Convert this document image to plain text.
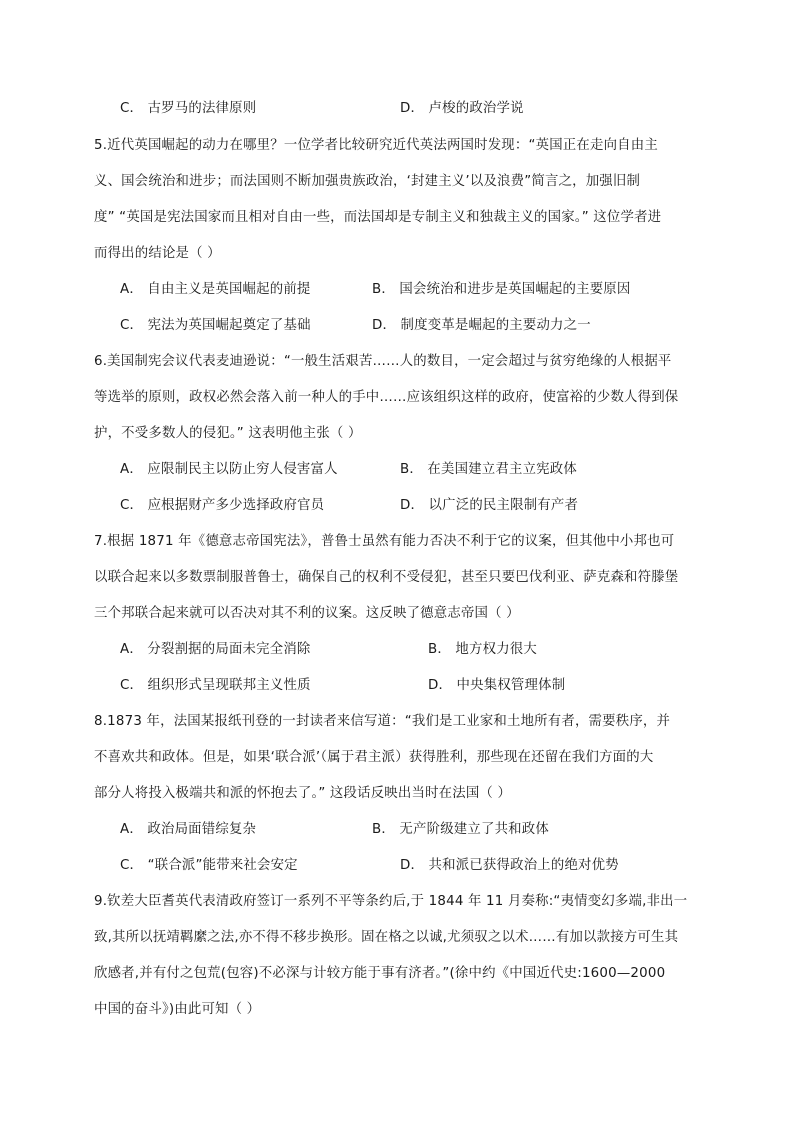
C． 古罗马的法律原则	D． 卢梭的政治学说
5.近代英国崛起的动力在哪里？一位学者比较研究近代英法两国时发现：“英国正在走向自由主
义、国会统治和进步；而法国则不断加强贵族政治，‘封建主义’以及浪费”简言之，加强旧制
度” “英国是宪法国家而且相对自由一些，而法国却是专制主义和独裁主义的国家。” 这位学者进
而得出的结论是（ ）
A． 自由主义是英国崛起的前提	B． 国会统治和进步是英国崛起的主要原因
C． 宪法为英国崛起奠定了基础	D． 制度变革是崛起的主要动力之一
6.美国制宪会议代表麦迪逊说：“一般生活艰苦……人的数目，一定会超过与贫穷绝缘的人根据平
等选举的原则，政权必然会落入前一种人的手中……应该组织这样的政府，使富裕的少数人得到保
护，不受多数人的侵犯。” 这表明他主张（ ）
A． 应限制民主以防止穷人侵害富人	B． 在美国建立君主立宪政体
C． 应根据财产多少选择政府官员	D． 以广泛的民主限制有产者
7.根据 1871 年《德意志帝国宪法》，普鲁士虽然有能力否决不利于它的议案，但其他中小邦也可
以联合起来以多数票制服普鲁士，确保自己的权利不受侵犯，甚至只要巴伐利亚、萨克森和符滕堡
三个邦联合起来就可以否决对其不利的议案。这反映了德意志帝国（ ）
A． 分裂割据的局面未完全消除	B． 地方权力很大
C． 组织形式呈现联邦主义性质	D． 中央集权管理体制
8.1873 年，法国某报纸刊登的一封读者来信写道：“我们是工业家和土地所有者，需要秩序，并
不喜欢共和政体。但是，如果‘联合派’（属于君主派）获得胜利，那些现在还留在我们方面的大
部分人将投入极端共和派的怀抱去了。” 这段话反映出当时在法国（ ）
A． 政治局面错综复杂	B． 无产阶级建立了共和政体
C． “联合派”能带来社会安定	D． 共和派已获得政治上的绝对优势
9.钦差大臣耆英代表清政府签订一系列不平等条约后,于 1844 年 11 月奏称:“夷情变幻多端,非出一
致,其所以抚靖羁縻之法,亦不得不移步换形。固在格之以诚,尤须驭之以术……有加以款接方可生其
欣感者,并有付之包荒(包容)不必深与计较方能于事有济者。”(徐中约《中国近代史:1600—2000
中国的奋斗》)由此可知（ ）
